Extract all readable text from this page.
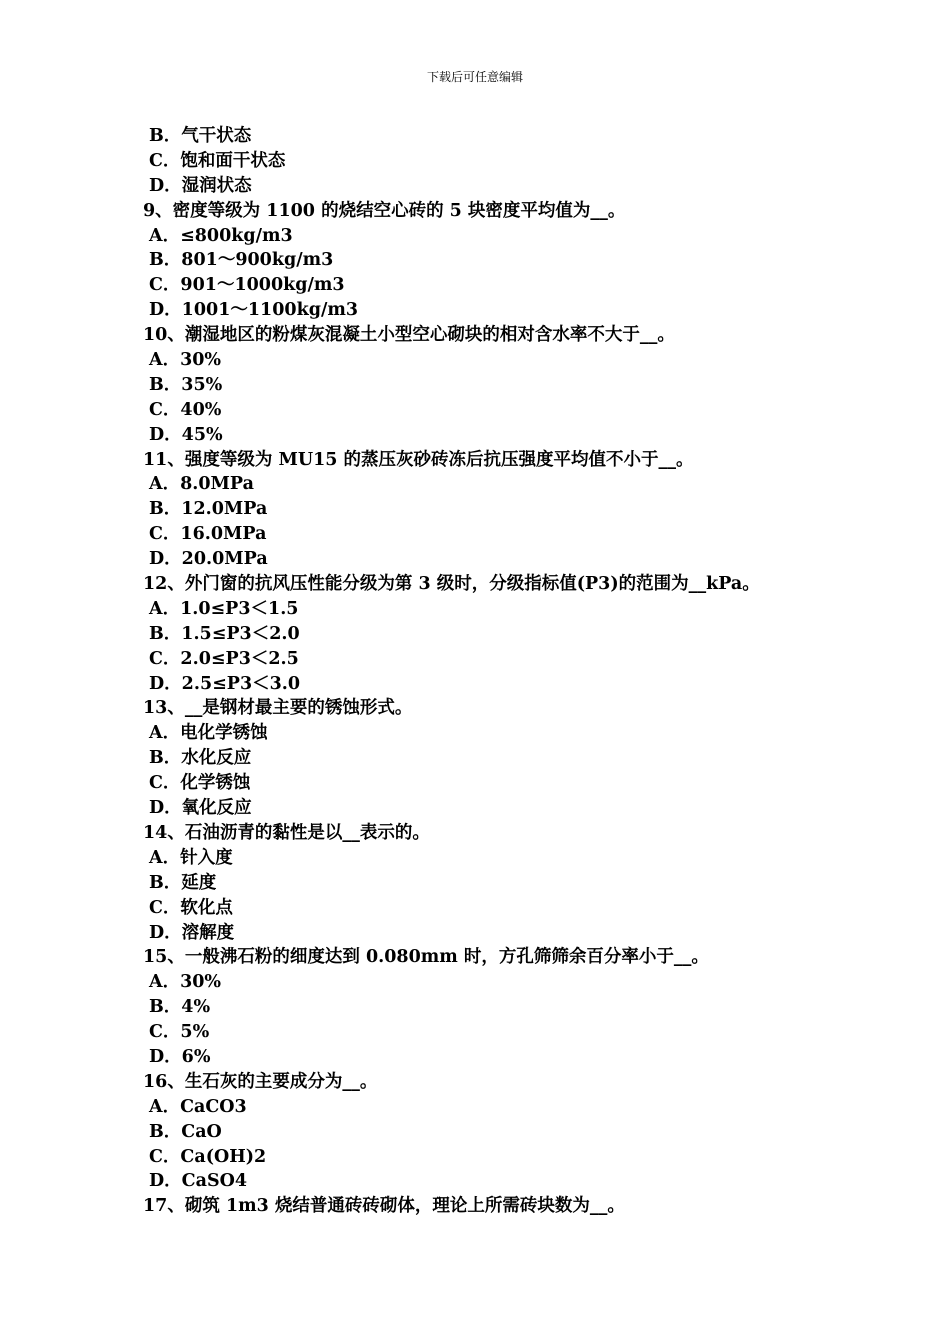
下载后可任意编辑
B．气干状态
C．饱和面干状态
D．湿润状态
9、密度等级为 1100 的烧结空心砖的 5 块密度平均值为__。
A．≤800kg/m3
B．801～900kg/m3
C．901～1000kg/m3
D．1001～1100kg/m3
10、潮湿地区的粉煤灰混凝土小型空心砌块的相对含水率不大于__。
A．30%
B．35%
C．40%
D．45%
11、强度等级为 MU15 的蒸压灰砂砖冻后抗压强度平均值不小于__。
A．8.0MPa
B．12.0MPa
C．16.0MPa
D．20.0MPa
12、外门窗的抗风压性能分级为第 3 级时，分级指标值(P3)的范围为__kPa。
A．1.0≤P3＜1.5
B．1.5≤P3＜2.0
C．2.0≤P3＜2.5
D．2.5≤P3＜3.0
13、__是钢材最主要的锈蚀形式。
A．电化学锈蚀
B．水化反应
C．化学锈蚀
D．氧化反应
14、石油沥青的黏性是以__表示的。
A．针入度
B．延度
C．软化点
D．溶解度
15、一般沸石粉的细度达到 0.080mm 时，方孔筛筛余百分率小于__。
A．30%
B．4%
C．5%
D．6%
16、生石灰的主要成分为__。
A．CaCO3
B．CaO
C．Ca(OH)2
D．CaSO4
17、砌筑 1m3 烧结普通砖砖砌体，理论上所需砖块数为__。
